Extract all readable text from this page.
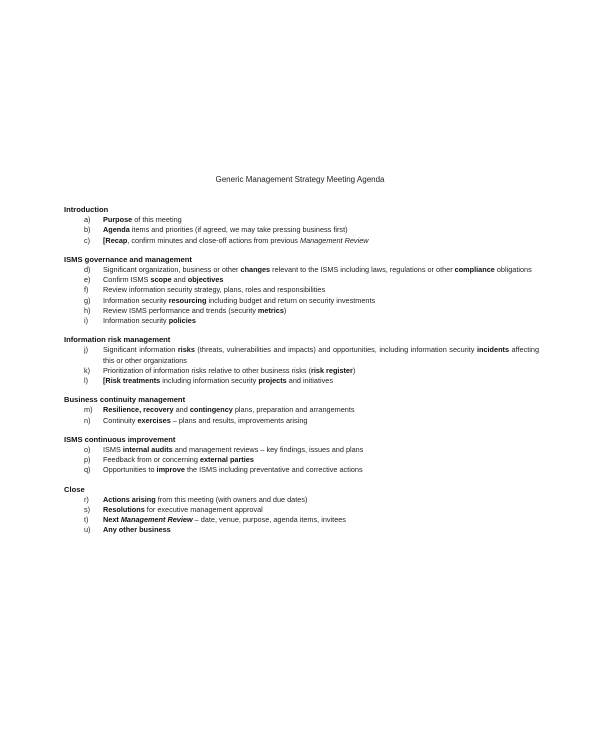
Generic Management Strategy Meeting Agenda
Introduction
a)	Purpose of this meeting
b)	Agenda items and priorities (if agreed, we may take pressing business first)
c)	[Recap, confirm minutes and close-off actions from previous Management Review
ISMS governance and management
d)	Significant organization, business or other changes relevant to the ISMS including laws, regulations or other compliance obligations
e)	Confirm ISMS scope and objectives
f)	Review information security strategy, plans, roles and responsibilities
g)	Information security resourcing including budget and return on security investments
h)	Review ISMS performance and trends (security metrics)
i)	Information security policies
Information risk management
j)	Significant information risks (threats, vulnerabilities and impacts) and opportunities, including information security incidents affecting this or other organizations
k)	Prioritization of information risks relative to other business risks (risk register)
l)	[Risk treatments including information security projects and initiatives
Business continuity management
m)	Resilience, recovery and contingency plans, preparation and arrangements
n)	Continuity exercises – plans and results, improvements arising
ISMS continuous improvement
o)	ISMS internal audits and management reviews – key findings, issues and plans
p)	Feedback from or concerning external parties
q)	Opportunities to improve the ISMS including preventative and corrective actions
Close
r)	Actions arising from this meeting (with owners and due dates)
s)	Resolutions for executive management approval
t)	Next Management Review – date, venue, purpose, agenda items, invitees
u)	Any other business
